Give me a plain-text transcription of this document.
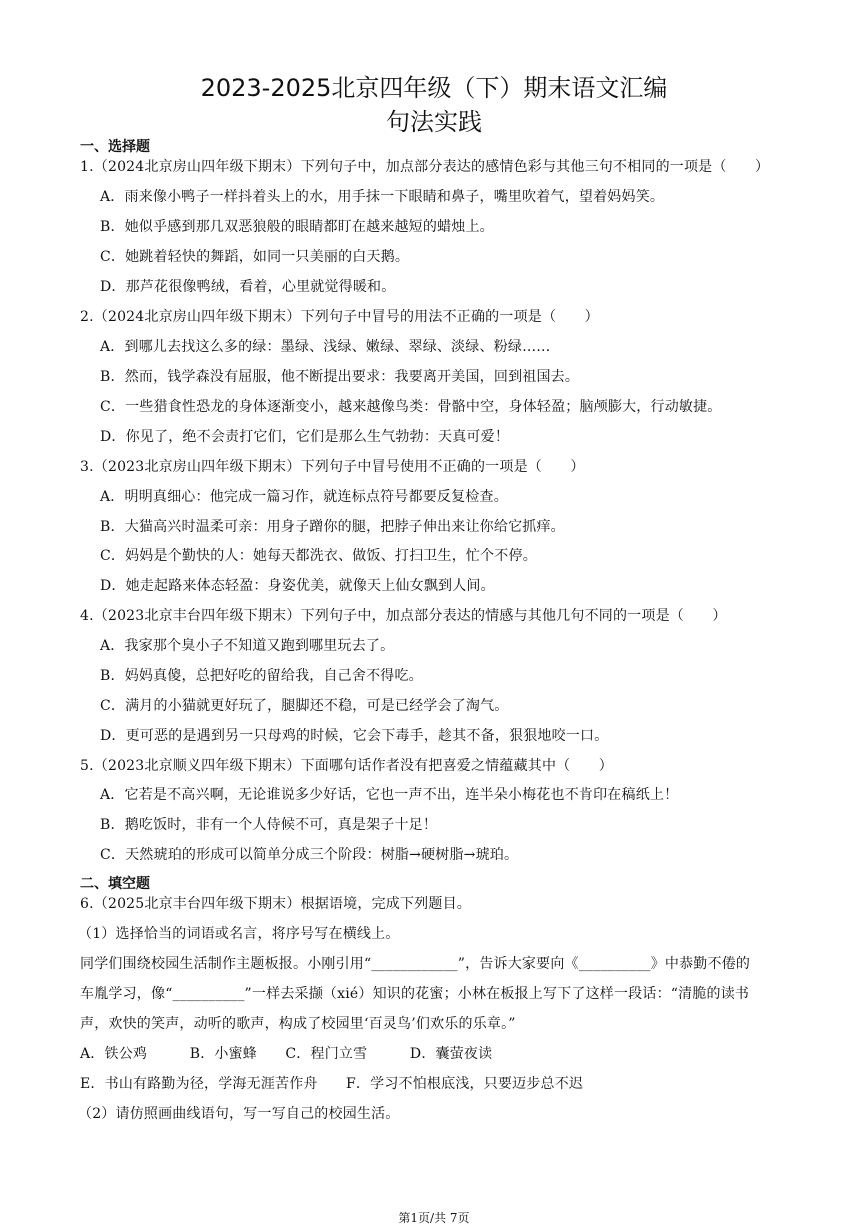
2023-2025北京四年级（下）期末语文汇编
句法实践
一、选择题
1.（2024北京房山四年级下期末）下列句子中，加点部分表达的感情色彩与其他三句不相同的一项是（　　）
A．雨来像小鸭子一样抖着头上的水，用手抹一下眼睛和鼻子，嘴里吹着气，望着妈妈笑。
B．她似乎感到那几双恶狼般的眼睛都盯在越来越短的蜡烛上。
C．她跳着轻快的舞蹈，如同一只美丽的白天鹅。
D．那芦花很像鸭绒，看着，心里就觉得暖和。
2.（2024北京房山四年级下期末）下列句子中冒号的用法不正确的一项是（　　）
A．到哪儿去找这么多的绿：墨绿、浅绿、嫩绿、翠绿、淡绿、粉绿……
B．然而，钱学森没有屈服，他不断提出要求：我要离开美国，回到祖国去。
C．一些猎食性恐龙的身体逐渐变小，越来越像鸟类：骨骼中空，身体轻盈；脑颅膨大，行动敏捷。
D．你见了，绝不会责打它们，它们是那么生气勃勃：天真可爱！
3.（2023北京房山四年级下期末）下列句子中冒号使用不正确的一项是（　　）
A．明明真细心：他完成一篇习作，就连标点符号都要反复检查。
B．大猫高兴时温柔可亲：用身子蹭你的腿，把脖子伸出来让你给它抓痒。
C．妈妈是个勤快的人：她每天都洗衣、做饭、打扫卫生，忙个不停。
D．她走起路来体态轻盈：身姿优美，就像天上仙女飘到人间。
4.（2023北京丰台四年级下期末）下列句子中，加点部分表达的情感与其他几句不同的一项是（　　）
A．我家那个臭小子不知道又跑到哪里玩去了。
B．妈妈真傻，总把好吃的留给我，自己舍不得吃。
C．满月的小猫就更好玩了，腿脚还不稳，可是已经学会了淘气。
D．更可恶的是遇到另一只母鸡的时候，它会下毒手，趁其不备，狠狠地咬一口。
5.（2023北京顺义四年级下期末）下面哪句话作者没有把喜爱之情蕴藏其中（　　）
A．它若是不高兴啊，无论谁说多少好话，它也一声不出，连半朵小梅花也不肯印在稿纸上！
B．鹅吃饭时，非有一个人侍候不可，真是架子十足！
C．天然琥珀的形成可以简单分成三个阶段：树脂→硬树脂→琥珀。
二、填空题
6.（2025北京丰台四年级下期末）根据语境，完成下列题目。
（1）选择恰当的词语或名言，将序号写在横线上。
同学们围绕校园生活制作主题板报。小刚引用“____________”，告诉大家要向《__________》中恭勤不倦的
车胤学习，像“__________”一样去采撷（xié）知识的花蜜；小林在板报上写下了这样一段话：“清脆的读书
声，欢快的笑声，动听的歌声，构成了校园里‘百灵鸟’们欢乐的乐章。”
A．铁公鸡　　　B．小蜜蜂　　C．程门立雪　　　D．囊萤夜读
E．书山有路勤为径，学海无涯苦作舟　　F．学习不怕根底浅，只要迈步总不迟
（2）请仿照画曲线语句，写一写自己的校园生活。
第1页/共 7页
